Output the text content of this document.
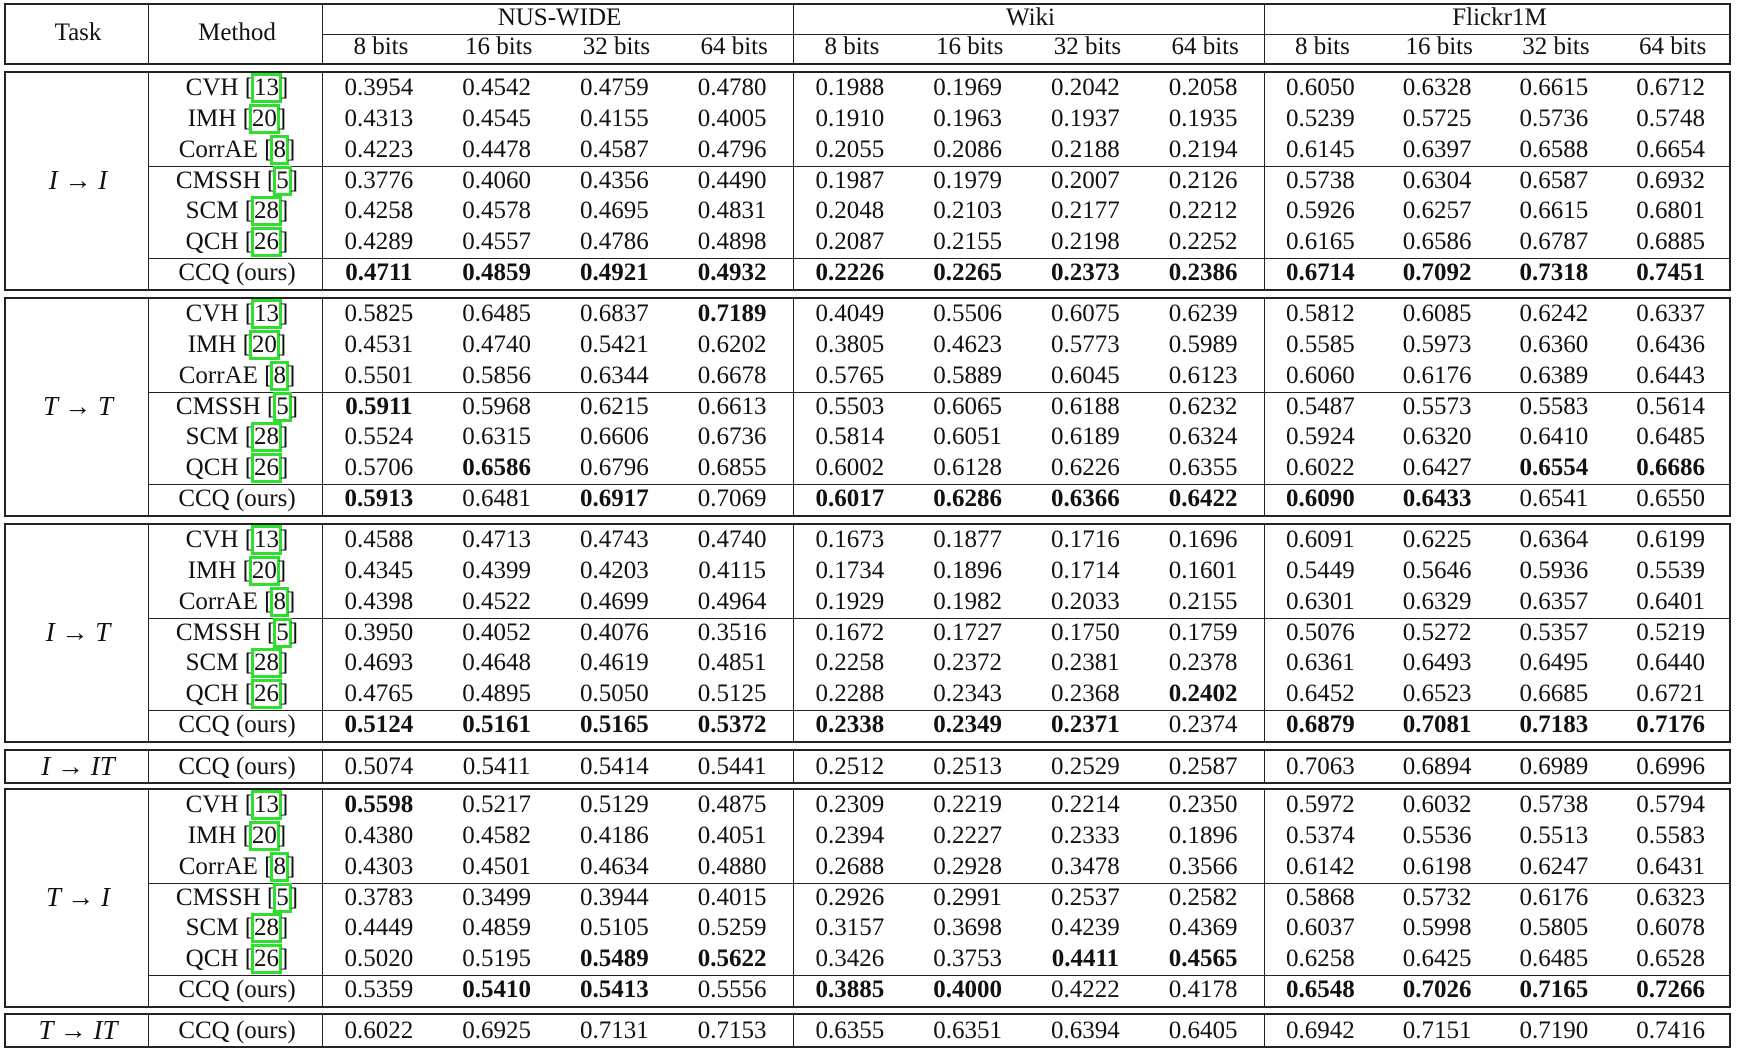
Task	Method
NUS-WIDE	Wiki	Flickr1M
8 bits	16 bits	32 bits	64 bits	8 bits	16 bits	32 bits	64 bits	8 bits	16 bits	32 bits	64 bits
I → I
CVH [13]	0.3954	0.4542	0.4759	0.4780	0.1988	0.1969	0.2042	0.2058	0.6050	0.6328	0.6615	0.6712
IMH [20]	0.4313	0.4545	0.4155	0.4005	0.1910	0.1963	0.1937	0.1935	0.5239	0.5725	0.5736	0.5748
CorrAE [8]	0.4223	0.4478	0.4587	0.4796	0.2055	0.2086	0.2188	0.2194	0.6145	0.6397	0.6588	0.6654
CMSSH [5]	0.3776	0.4060	0.4356	0.4490	0.1987	0.1979	0.2007	0.2126	0.5738	0.6304	0.6587	0.6932
SCM [28]	0.4258	0.4578	0.4695	0.4831	0.2048	0.2103	0.2177	0.2212	0.5926	0.6257	0.6615	0.6801
QCH [26]	0.4289	0.4557	0.4786	0.4898	0.2087	0.2155	0.2198	0.2252	0.6165	0.6586	0.6787	0.6885
CCQ (ours)	0.4711	0.4859	0.4921	0.4932	0.2226	0.2265	0.2373	0.2386	0.6714	0.7092	0.7318	0.7451
T → T
CVH [13]	0.5825	0.6485	0.6837	0.7189	0.4049	0.5506	0.6075	0.6239	0.5812	0.6085	0.6242	0.6337
IMH [20]	0.4531	0.4740	0.5421	0.6202	0.3805	0.4623	0.5773	0.5989	0.5585	0.5973	0.6360	0.6436
CorrAE [8]	0.5501	0.5856	0.6344	0.6678	0.5765	0.5889	0.6045	0.6123	0.6060	0.6176	0.6389	0.6443
CMSSH [5]	0.5911	0.5968	0.6215	0.6613	0.5503	0.6065	0.6188	0.6232	0.5487	0.5573	0.5583	0.5614
SCM [28]	0.5524	0.6315	0.6606	0.6736	0.5814	0.6051	0.6189	0.6324	0.5924	0.6320	0.6410	0.6485
QCH [26]	0.5706	0.6586	0.6796	0.6855	0.6002	0.6128	0.6226	0.6355	0.6022	0.6427	0.6554	0.6686
CCQ (ours)	0.5913	0.6481	0.6917	0.7069	0.6017	0.6286	0.6366	0.6422	0.6090	0.6433	0.6541	0.6550
I → T
CVH [13]	0.4588	0.4713	0.4743	0.4740	0.1673	0.1877	0.1716	0.1696	0.6091	0.6225	0.6364	0.6199
IMH [20]	0.4345	0.4399	0.4203	0.4115	0.1734	0.1896	0.1714	0.1601	0.5449	0.5646	0.5936	0.5539
CorrAE [8]	0.4398	0.4522	0.4699	0.4964	0.1929	0.1982	0.2033	0.2155	0.6301	0.6329	0.6357	0.6401
CMSSH [5]	0.3950	0.4052	0.4076	0.3516	0.1672	0.1727	0.1750	0.1759	0.5076	0.5272	0.5357	0.5219
SCM [28]	0.4693	0.4648	0.4619	0.4851	0.2258	0.2372	0.2381	0.2378	0.6361	0.6493	0.6495	0.6440
QCH [26]	0.4765	0.4895	0.5050	0.5125	0.2288	0.2343	0.2368	0.2402	0.6452	0.6523	0.6685	0.6721
CCQ (ours)	0.5124	0.5161	0.5165	0.5372	0.2338	0.2349	0.2371	0.2374	0.6879	0.7081	0.7183	0.7176
I → IT	CCQ (ours)	0.5074	0.5411	0.5414	0.5441	0.2512	0.2513	0.2529	0.2587	0.7063	0.6894	0.6989	0.6996
T → I
CVH [13]	0.5598	0.5217	0.5129	0.4875	0.2309	0.2219	0.2214	0.2350	0.5972	0.6032	0.5738	0.5794
IMH [20]	0.4380	0.4582	0.4186	0.4051	0.2394	0.2227	0.2333	0.1896	0.5374	0.5536	0.5513	0.5583
CorrAE [8]	0.4303	0.4501	0.4634	0.4880	0.2688	0.2928	0.3478	0.3566	0.6142	0.6198	0.6247	0.6431
CMSSH [5]	0.3783	0.3499	0.3944	0.4015	0.2926	0.2991	0.2537	0.2582	0.5868	0.5732	0.6176	0.6323
SCM [28]	0.4449	0.4859	0.5105	0.5259	0.3157	0.3698	0.4239	0.4369	0.6037	0.5998	0.5805	0.6078
QCH [26]	0.5020	0.5195	0.5489	0.5622	0.3426	0.3753	0.4411	0.4565	0.6258	0.6425	0.6485	0.6528
CCQ (ours)	0.5359	0.5410	0.5413	0.5556	0.3885	0.4000	0.4222	0.4178	0.6548	0.7026	0.7165	0.7266
T → IT	CCQ (ours)	0.6022	0.6925	0.7131	0.7153	0.6355	0.6351	0.6394	0.6405	0.6942	0.7151	0.7190	0.7416
